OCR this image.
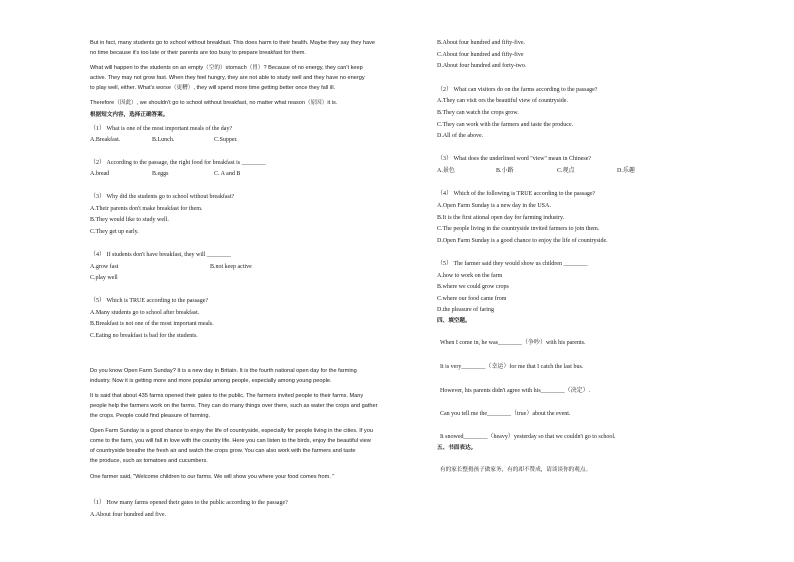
But in fact, many students go to school without breakfast. This does harm to their health. Maybe they say they have
no time because it's too late or their parents are too busy to prepare breakfast for them.
What will happen to the students on an empty（空的）stomach（胃）? Because of no energy, they can't keep
active. They may not grow fast. When they feel hungry, they are not able to study well and they have no energy
to play well, either. What's worse（更糟）, they will spend more time getting better once they fall ill.
Therefore（因此）, we shouldn't go to school without breakfast, no matter what reason（原因）it is.
根据短文内容，选择正确答案。
（1） What is one of the most important meals of the day?
A.Breakfast.	B.Lunch.	C.Supper.
（2） According to the passage, the right food for breakfast is ________
A.bread	B.eggs	C. A and B
（3） Why did the students go to school without breakfast?
A.Their parents don't make breakfast for them.
B.They would like to study well.
C.They get up early.
（4） If students don't have breakfast, they will ________
A.grow fast	B.not keep active
C.play well
（5） Which is TRUE according to the passage?
A.Many students go to school after breakfast.
B.Breakfast is not one of the most important meals.
C.Eating no breakfast is bad for the students.
Do you know Open Farm Sunday? It is a new day in Britain. It is the fourth national open day for the farming
industry. Now it is getting more and more popular among people, especially among young people.
It is said that about 435 farms opened their gates to the public. The farmers invited people to their farms. Many
people help the farmers work on the farms. They can do many things over there, such as water the crops and gather
the crops. People could find pleasure of farming.
Open Farm Sunday is a good chance to enjoy the life of countryside, especially for people living in the cities. If you
come to the farm, you will fall in love with the country life. Here you can listen to the birds, enjoy the beautiful view
of countryside breathe the fresh air and watch the crops grow. You can also work with the farmers and taste
the produce, such as tomatoes and cucumbers.
One farmer said, "Welcome children to our farms. We will show you where your food comes from. "
（1） How many farms opened their gates to the public according to the passage?
A.About four hundred and five.
B.About four hundred and fifty-five.
C.About four hundred and fifty-five
D.About four hundred and forty-two.
（2） What can visitors do on the farms according to the passage?
A.They can visit ors the beautiful view of countryside.
B.They can watch the crops grow.
C.They can work with the farmers and taste the produce.
D.All of the above.
（3） What does the underlined word "view" mean in Chinese?
A.景色	B.小路	C.观点	D.乐趣
（4） Which of the following is TRUE according to the passage?
A.Open Farm Sunday is a new day in the USA.
B.It is the first ational open day for farming industry.
C.The people living in the countryside invited farmers to join them.
D.Open Farm Sunday is a good chance to enjoy the life of countryside.
（5） The farmer said they would show us children ________
A.how to work on the farm
B.where we could grow crops
C.where our food came from
D.the pleasure of faring
四、填空题。
When I come in, he was________（争吵）with his parents.
It is very________（幸运）for me that I catch the last bus.
However, his parents didn't agree with his________（决定）.
Can you tell me the________（true）about the event.
It snowed________（heavy）yesterday so that we couldn't go to school.
五、书面表达。
有的家长整拇孩子做家务，有的却不赞成，请谈谈你的观点。
